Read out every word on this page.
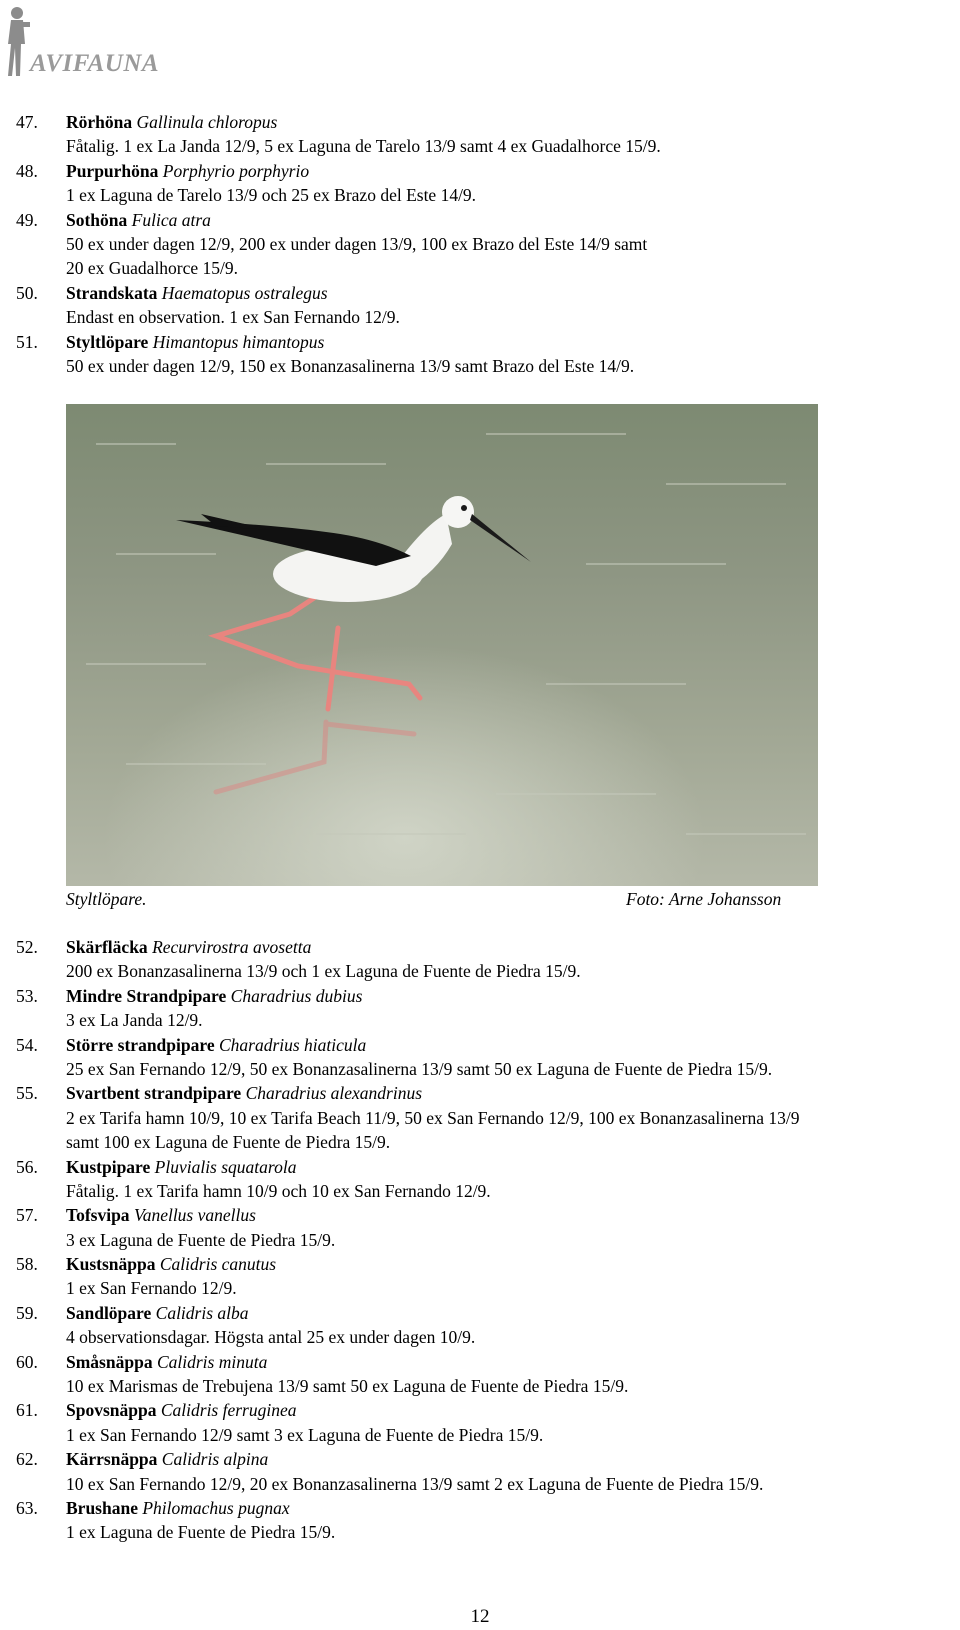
AVIFAUNA
47. Rörhöna Gallinula chloropus
Fåtalig. 1 ex La Janda 12/9, 5 ex Laguna de Tarelo 13/9 samt 4 ex Guadalhorce 15/9.
48. Purpurhöna Porphyrio porphyrio
1 ex Laguna de Tarelo 13/9 och 25 ex Brazo del Este 14/9.
49. Sothöna Fulica atra
50 ex under dagen 12/9, 200 ex under dagen 13/9, 100 ex Brazo del Este 14/9 samt
20 ex Guadalhorce 15/9.
50. Strandskata Haematopus ostralegus
Endast en observation. 1 ex San Fernando 12/9.
51. Styltlöpare Himantopus himantopus
50 ex under dagen 12/9, 150 ex Bonanzasalinerna 13/9 samt Brazo del Este 14/9.
Styltlöpare.	Foto: Arne Johansson
52. Skärfläcka Recurvirostra avosetta
200 ex Bonanzasalinerna 13/9 och 1 ex Laguna de Fuente de Piedra 15/9.
53. Mindre Strandpipare Charadrius dubius
3 ex La Janda 12/9.
54. Större strandpipare Charadrius hiaticula
25 ex San Fernando 12/9, 50 ex Bonanzasalinerna 13/9 samt 50 ex Laguna de Fuente de Piedra 15/9.
55. Svartbent strandpipare Charadrius alexandrinus
2 ex Tarifa hamn 10/9, 10 ex Tarifa Beach 11/9, 50 ex San Fernando 12/9, 100 ex Bonanzasalinerna 13/9
samt 100 ex Laguna de Fuente de Piedra 15/9.
56. Kustpipare Pluvialis squatarola
Fåtalig. 1 ex Tarifa hamn 10/9 och 10 ex San Fernando 12/9.
57. Tofsvipa Vanellus vanellus
3 ex Laguna de Fuente de Piedra 15/9.
58. Kustsnäppa Calidris canutus
1 ex San Fernando 12/9.
59. Sandlöpare Calidris alba
4 observationsdagar. Högsta antal 25 ex under dagen 10/9.
60. Småsnäppa Calidris minuta
10 ex Marismas de Trebujena 13/9 samt 50 ex Laguna de Fuente de Piedra 15/9.
61. Spovsnäppa Calidris ferruginea
1 ex San Fernando 12/9 samt 3 ex Laguna de Fuente de Piedra 15/9.
62. Kärrsnäppa Calidris alpina
10 ex San Fernando 12/9, 20 ex Bonanzasalinerna 13/9 samt 2 ex Laguna de Fuente de Piedra 15/9.
63. Brushane Philomachus pugnax
1 ex Laguna de Fuente de Piedra 15/9.
12
